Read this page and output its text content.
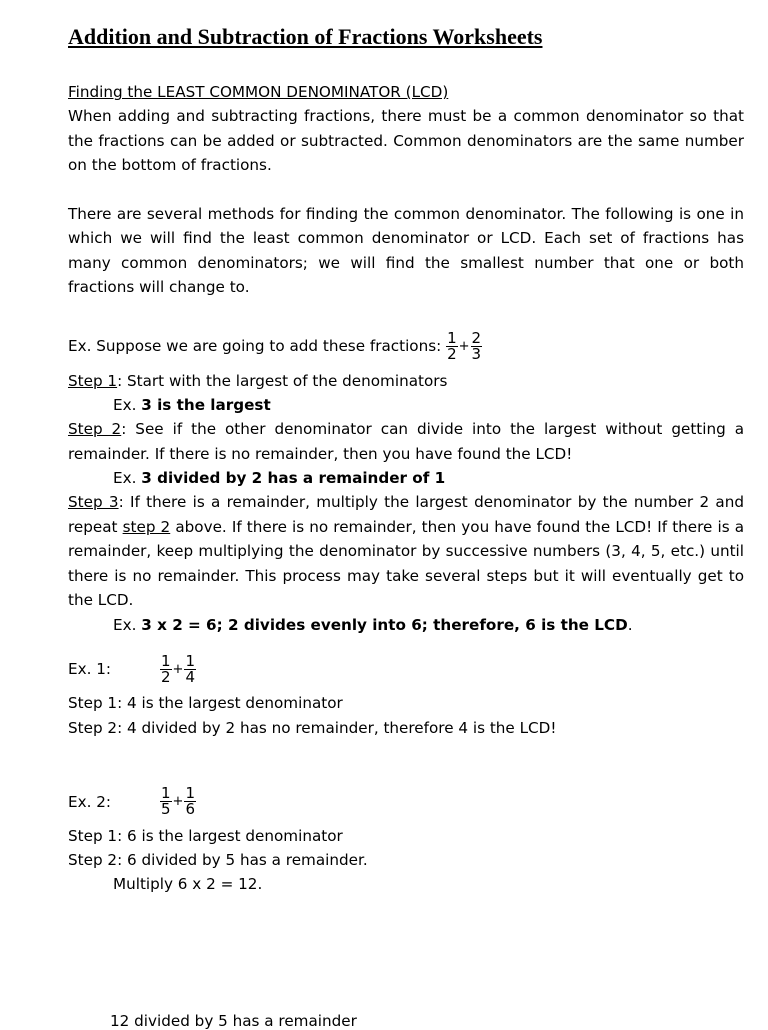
Addition and Subtraction of Fractions Worksheets
Finding the LEAST COMMON DENOMINATOR (LCD)
When adding and subtracting fractions, there must be a common denominator so that the fractions can be added or subtracted. Common denominators are the same number on the bottom of fractions.
There are several methods for finding the common denominator. The following is one in which we will find the least common denominator or LCD. Each set of fractions has many common denominators; we will find the smallest number that one or both fractions will change to.
Ex. Suppose we are going to add these fractions: $\frac{1}{2} + \frac{2}{3}$
Step 1: Start with the largest of the denominators
Ex. 3 is the largest
Step 2: See if the other denominator can divide into the largest without getting a remainder. If there is no remainder, then you have found the LCD!
Ex. 3 divided by 2 has a remainder of 1
Step 3: If there is a remainder, multiply the largest denominator by the number 2 and repeat step 2 above. If there is no remainder, then you have found the LCD! If there is a remainder, keep multiplying the denominator by successive numbers (3, 4, 5, etc.) until there is no remainder. This process may take several steps but it will eventually get to the LCD.
Ex. 3 x 2 = 6; 2 divides evenly into 6; therefore, 6 is the LCD.
Ex. 1:	$\frac{1}{2} + \frac{1}{4}$
Step 1: 4 is the largest denominator
Step 2: 4 divided by 2 has no remainder, therefore 4 is the LCD!
Ex. 2:	$\frac{1}{5} + \frac{1}{6}$
Step 1: 6 is the largest denominator
Step 2: 6 divided by 5 has a remainder.
Multiply 6 x 2 = 12.
12 divided by 5 has a remainder
